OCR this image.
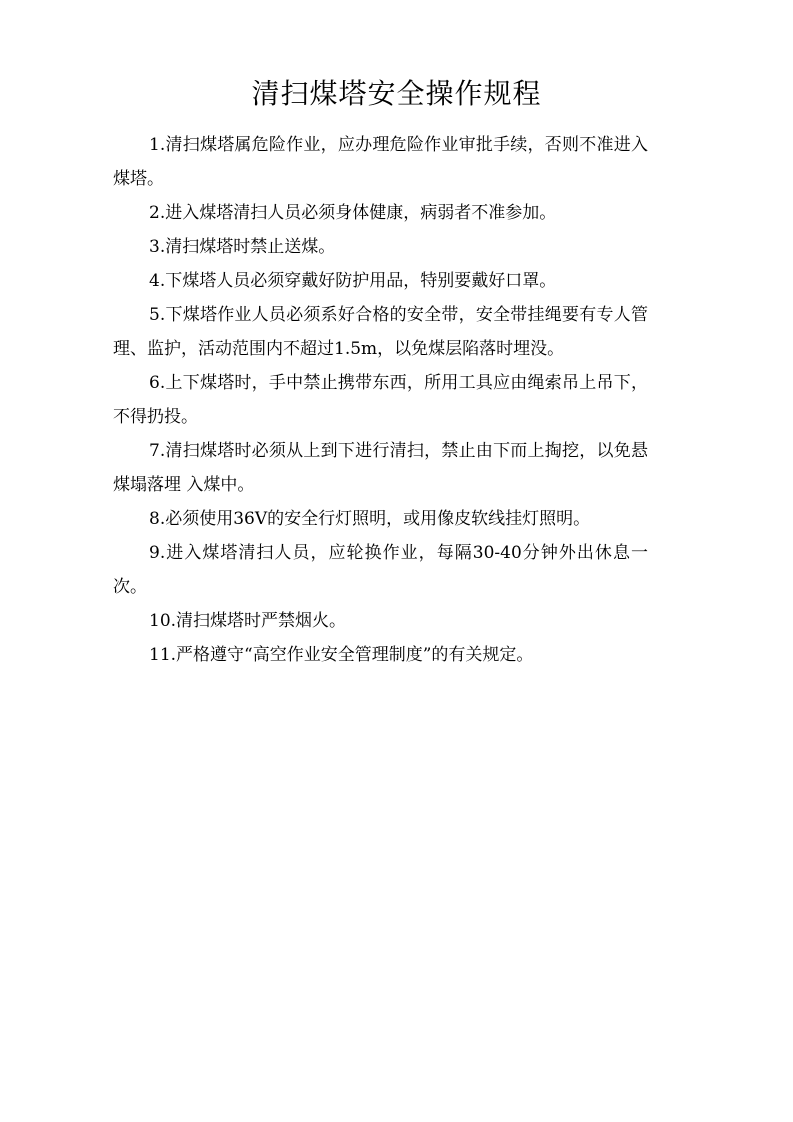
清扫煤塔安全操作规程

1.清扫煤塔属危险作业，应办理危险作业审批手续，否则不准进入煤塔。

2.进入煤塔清扫人员必须身体健康，病弱者不准参加。

3.清扫煤塔时禁止送煤。

4.下煤塔人员必须穿戴好防护用品，特别要戴好口罩。

5.下煤塔作业人员必须系好合格的安全带，安全带挂绳要有专人管理、监护，活动范围内不超过1.5m，以免煤层陷落时埋没。

6.上下煤塔时，手中禁止携带东西，所用工具应由绳索吊上吊下，不得扔投。

7.清扫煤塔时必须从上到下进行清扫，禁止由下而上掏挖，以免悬煤塌落埋 入煤中。

8.必须使用36V的安全行灯照明，或用像皮软线挂灯照明。

9.进入煤塔清扫人员，应轮换作业，每隔30-40分钟外出休息一次。

10.清扫煤塔时严禁烟火。

11.严格遵守“高空作业安全管理制度”的有关规定。
